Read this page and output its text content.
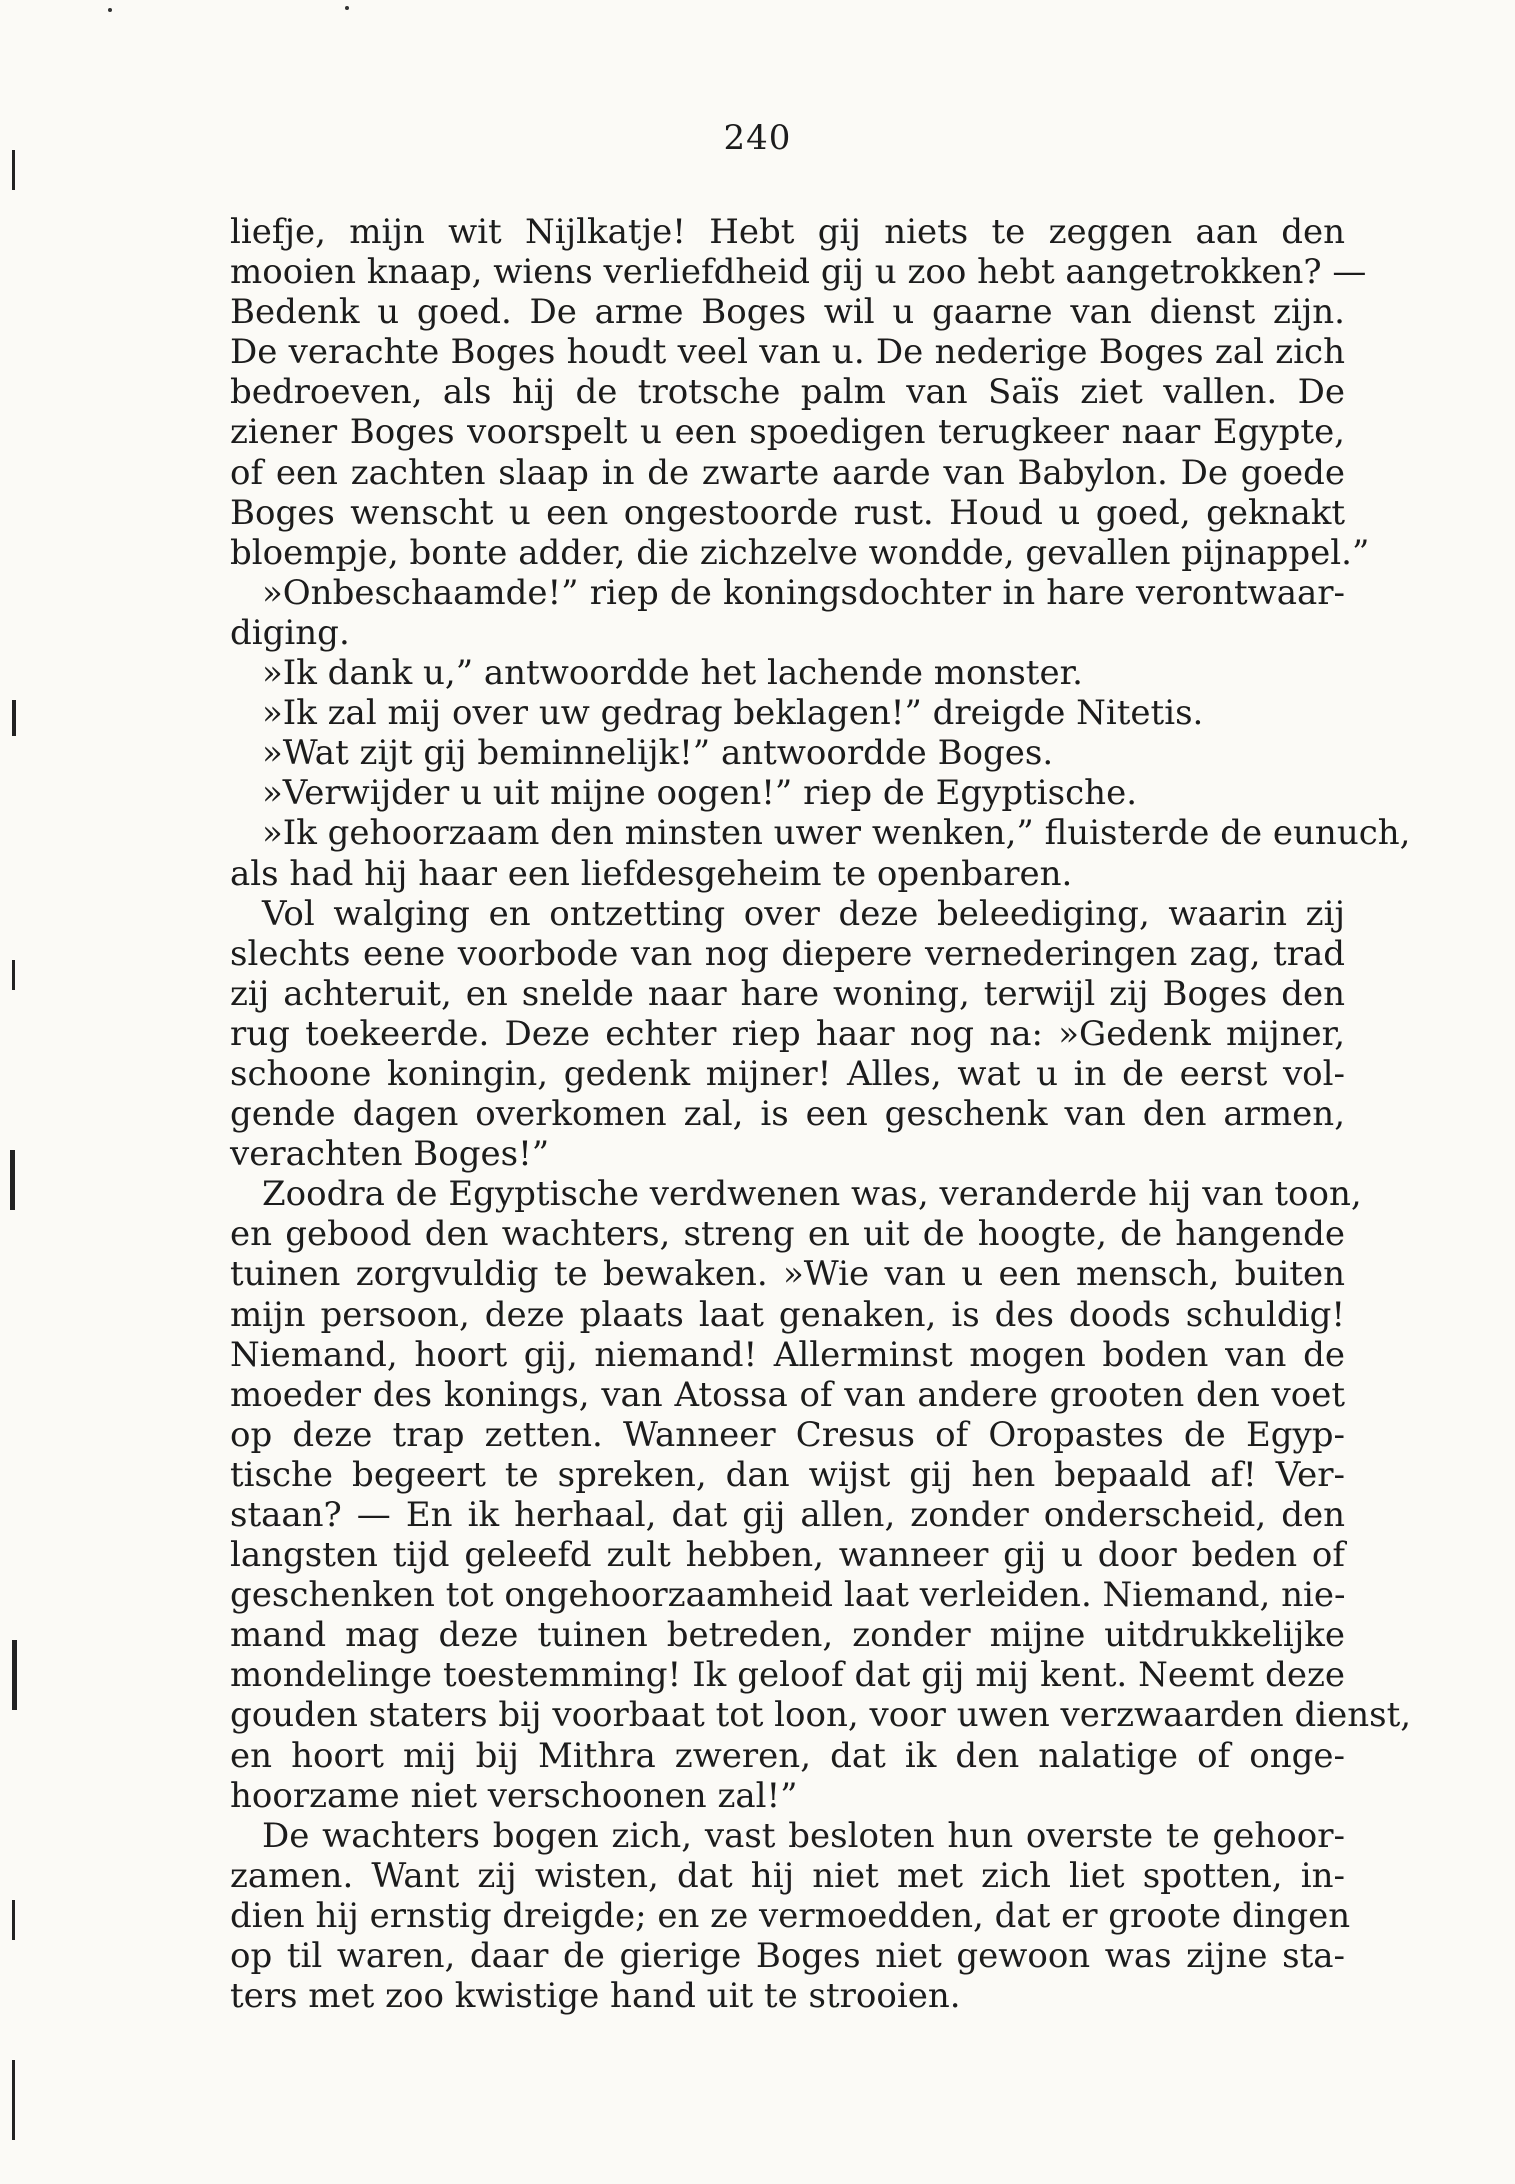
240
liefje, mijn wit Nijlkatje! Hebt gij niets te zeggen aan den
mooien knaap, wiens verliefdheid gij u zoo hebt aangetrokken? —
Bedenk u goed. De arme Boges wil u gaarne van dienst zijn.
De verachte Boges houdt veel van u. De nederige Boges zal zich
bedroeven, als hij de trotsche palm van Saïs ziet vallen. De
ziener Boges voorspelt u een spoedigen terugkeer naar Egypte,
of een zachten slaap in de zwarte aarde van Babylon. De goede
Boges wenscht u een ongestoorde rust. Houd u goed, geknakt
bloempje, bonte adder, die zichzelve wondde, gevallen pijnappel.”
»Onbeschaamde!” riep de koningsdochter in hare verontwaar-
diging.
»Ik dank u,” antwoordde het lachende monster.
»Ik zal mij over uw gedrag beklagen!” dreigde Nitetis.
»Wat zijt gij beminnelijk!” antwoordde Boges.
»Verwijder u uit mijne oogen!” riep de Egyptische.
»Ik gehoorzaam den minsten uwer wenken,” fluisterde de eunuch,
als had hij haar een liefdesgeheim te openbaren.
Vol walging en ontzetting over deze beleediging, waarin zij
slechts eene voorbode van nog diepere vernederingen zag, trad
zij achteruit, en snelde naar hare woning, terwijl zij Boges den
rug toekeerde. Deze echter riep haar nog na: »Gedenk mijner,
schoone koningin, gedenk mijner! Alles, wat u in de eerst vol-
gende dagen overkomen zal, is een geschenk van den armen,
verachten Boges!”
Zoodra de Egyptische verdwenen was, veranderde hij van toon,
en gebood den wachters, streng en uit de hoogte, de hangende
tuinen zorgvuldig te bewaken. »Wie van u een mensch, buiten
mijn persoon, deze plaats laat genaken, is des doods schuldig!
Niemand, hoort gij, niemand! Allerminst mogen boden van de
moeder des konings, van Atossa of van andere grooten den voet
op deze trap zetten. Wanneer Cresus of Oropastes de Egyp-
tische begeert te spreken, dan wijst gij hen bepaald af! Ver-
staan? — En ik herhaal, dat gij allen, zonder onderscheid, den
langsten tijd geleefd zult hebben, wanneer gij u door beden of
geschenken tot ongehoorzaamheid laat verleiden. Niemand, nie-
mand mag deze tuinen betreden, zonder mijne uitdrukkelijke
mondelinge toestemming! Ik geloof dat gij mij kent. Neemt deze
gouden staters bij voorbaat tot loon, voor uwen verzwaarden dienst,
en hoort mij bij Mithra zweren, dat ik den nalatige of onge-
hoorzame niet verschoonen zal!”
De wachters bogen zich, vast besloten hun overste te gehoor-
zamen. Want zij wisten, dat hij niet met zich liet spotten, in-
dien hij ernstig dreigde; en ze vermoedden, dat er groote dingen
op til waren, daar de gierige Boges niet gewoon was zijne sta-
ters met zoo kwistige hand uit te strooien.
